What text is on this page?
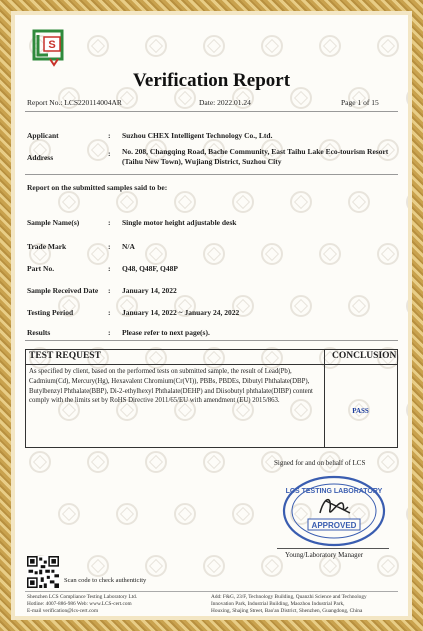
S
Verification Report
Report No.: LCS220114004AR	Date: 2022.01.24	Page 1 of 15
Applicant	: Suzhou CHEX Intelligent Technology Co., Ltd.
Address	: No. 208, Changqing Road, Bache Community, East Taihu Lake Eco-tourism Resort (Taihu New Town), Wujiang District, Suzhou City
Report on the submitted samples said to be:
Sample Name(s)	: Single motor height adjustable desk
Trade Mark	: N/A
Part No.	: Q48, Q48F, Q48P
Sample Received Date : January 14, 2022
Testing Period	: January 14, 2022 ~ January 24, 2022
Results	: Please refer to next page(s).
TEST REQUEST	CONCLUSION
As specified by client, based on the performed tests on submitted sample, the result of Lead(Pb), Cadmium(Cd), Mercury(Hg), Hexavalent Chromium(Cr(VI)), PBBs, PBDEs, Dibutyl Phthalate(DBP), Butylbenzyl Phthalate(BBP), Di-2-ethylhexyl Phthalate(DEHP) and Diisobutyl phthalate(DIBP) content comply with the limits set by RoHS Directive 2011/65/EU with amendment (EU) 2015/863.
PASS
Signed for and on behalf of LCS
LCS TESTING LABORATORY
APPROVED
Young/Laboratory Manager
Scan code to check authenticity
Shenzhen LCS Compliance Testing Laboratory Ltd.
Hotline: 4007-886-986 Web: www.LCS-cert.com
E-mail verification@lcs-cert.com
Add: F&G, 23/F, Technology Building, Quanzhi Science and Technology
Innovation Park, Industrial Building, Maozhou Industrial Park,
Houxing, Shajing Street, Bao'an District, Shenzhen, Guangdong, China
